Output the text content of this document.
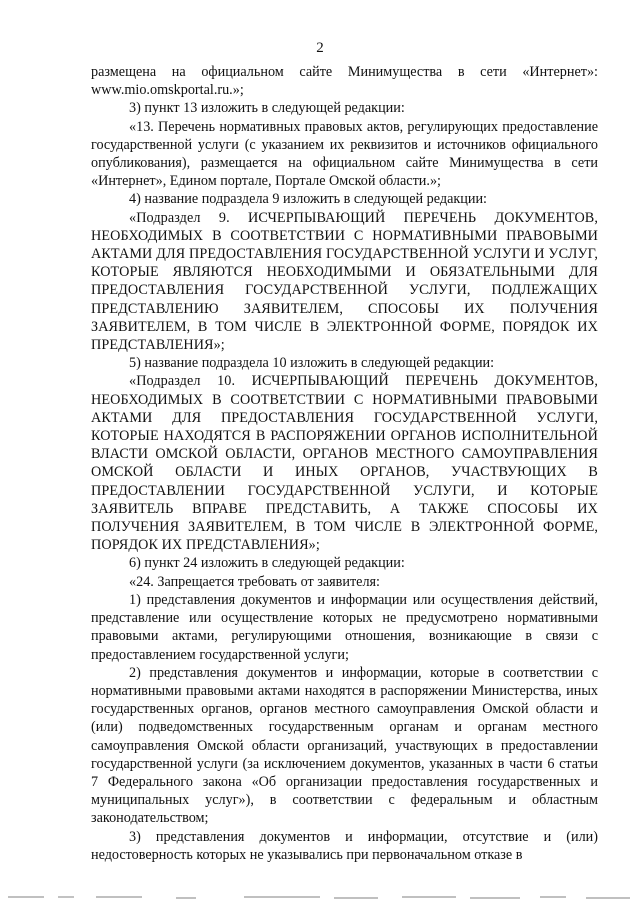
2

размещена на официальном сайте Минимущества в сети «Интернет»: www.mio.omskportal.ru.»;

3) пункт 13 изложить в следующей редакции:

«13. Перечень нормативных правовых актов, регулирующих предоставление государственной услуги (с указанием их реквизитов и источников официального опубликования), размещается на официальном сайте Минимущества в сети «Интернет», Едином портале, Портале Омской области.»;

4) название подраздела 9 изложить в следующей редакции:

«Подраздел 9. ИСЧЕРПЫВАЮЩИЙ ПЕРЕЧЕНЬ ДОКУМЕНТОВ, НЕОБХОДИМЫХ В СООТВЕТСТВИИ С НОРМАТИВНЫМИ ПРАВОВЫМИ АКТАМИ ДЛЯ ПРЕДОСТАВЛЕНИЯ ГОСУДАРСТВЕННОЙ УСЛУГИ И УСЛУГ, КОТОРЫЕ ЯВЛЯЮТСЯ НЕОБХОДИМЫМИ И ОБЯЗАТЕЛЬНЫМИ ДЛЯ ПРЕДОСТАВЛЕНИЯ ГОСУДАРСТВЕННОЙ УСЛУГИ, ПОДЛЕЖАЩИХ ПРЕДСТАВЛЕНИЮ ЗАЯВИТЕЛЕМ, СПОСОБЫ ИХ ПОЛУЧЕНИЯ ЗАЯВИТЕЛЕМ, В ТОМ ЧИСЛЕ В ЭЛЕКТРОННОЙ ФОРМЕ, ПОРЯДОК ИХ ПРЕДСТАВЛЕНИЯ»;

5) название подраздела 10 изложить в следующей редакции:

«Подраздел 10. ИСЧЕРПЫВАЮЩИЙ ПЕРЕЧЕНЬ ДОКУМЕНТОВ, НЕОБХОДИМЫХ В СООТВЕТСТВИИ С НОРМАТИВНЫМИ ПРАВОВЫМИ АКТАМИ ДЛЯ ПРЕДОСТАВЛЕНИЯ ГОСУДАРСТВЕННОЙ УСЛУГИ, КОТОРЫЕ НАХОДЯТСЯ В РАСПОРЯЖЕНИИ ОРГАНОВ ИСПОЛНИТЕЛЬНОЙ ВЛАСТИ ОМСКОЙ ОБЛАСТИ, ОРГАНОВ МЕСТНОГО САМОУПРАВЛЕНИЯ ОМСКОЙ ОБЛАСТИ И ИНЫХ ОРГАНОВ, УЧАСТВУЮЩИХ В ПРЕДОСТАВЛЕНИИ ГОСУДАРСТВЕННОЙ УСЛУГИ, И КОТОРЫЕ ЗАЯВИТЕЛЬ ВПРАВЕ ПРЕДСТАВИТЬ, А ТАКЖЕ СПОСОБЫ ИХ ПОЛУЧЕНИЯ ЗАЯВИТЕЛЕМ, В ТОМ ЧИСЛЕ В ЭЛЕКТРОННОЙ ФОРМЕ, ПОРЯДОК ИХ ПРЕДСТАВЛЕНИЯ»;

6) пункт 24 изложить в следующей редакции:

«24. Запрещается требовать от заявителя:

1) представления документов и информации или осуществления действий, представление или осуществление которых не предусмотрено нормативными правовыми актами, регулирующими отношения, возникающие в связи с предоставлением государственной услуги;

2) представления документов и информации, которые в соответствии с нормативными правовыми актами находятся в распоряжении Министерства, иных государственных органов, органов местного самоуправления Омской области и (или) подведомственных государственным органам и органам местного самоуправления Омской области организаций, участвующих в предоставлении государственной услуги (за исключением документов, указанных в части 6 статьи 7 Федерального закона «Об организации предоставления государственных и муниципальных услуг»), в соответствии с федеральным и областным законодательством;

3) представления документов и информации, отсутствие и (или) недостоверность которых не указывались при первоначальном отказе в
